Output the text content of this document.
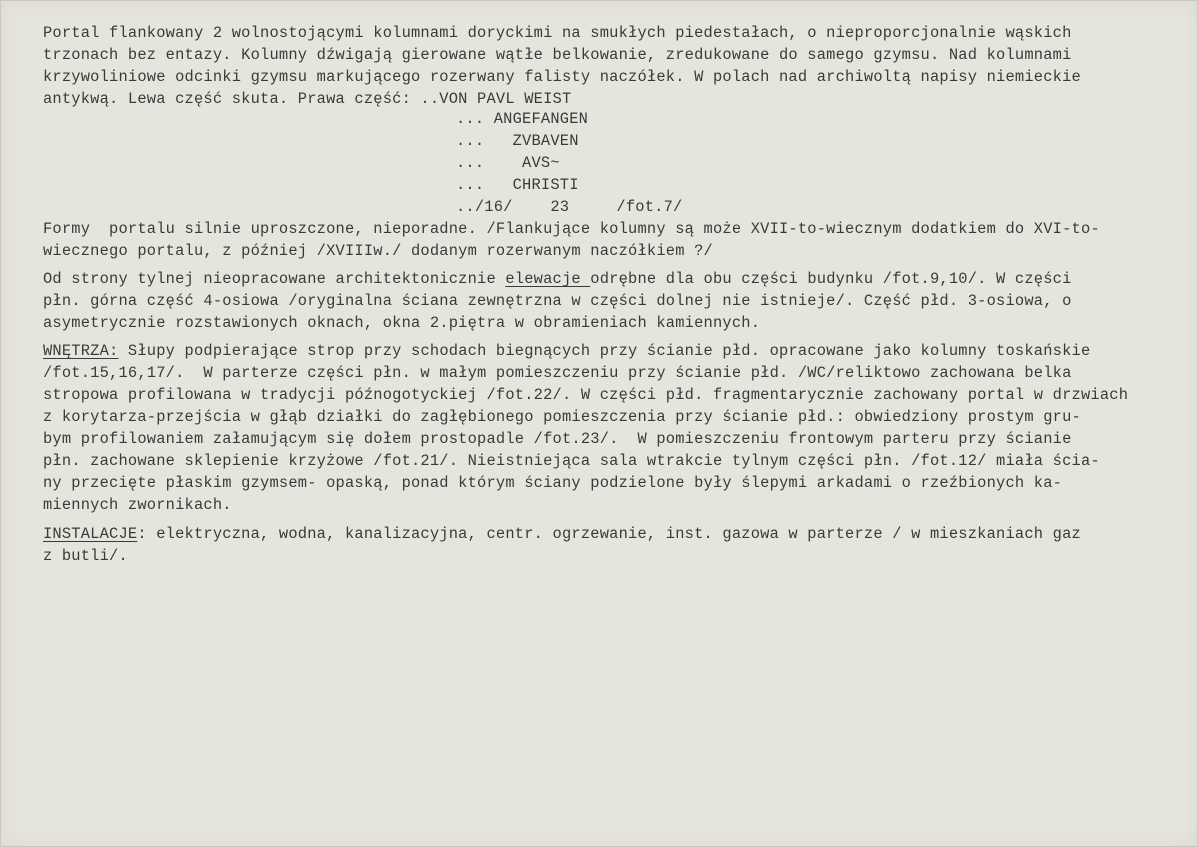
Portal flankowany 2 wolnostojącymi kolumnami doryckimi na smukłych piedestałach, o nieproporcjonalnie wąskich
trzonach bez entazy. Kolumny dźwigają gierowane wątłe belkowanie, zredukowane do samego gzymsu. Nad kolumnami
krzywoliniowe odcinki gzymsu markującego rozerwany falisty naczółek. W polach nad archiwoltą napisy niemieckie
antykwą. Lewa część skuta. Prawa część: ..VON PAVL WEIST
... ANGEFANGEN
...   ZVBAVEN
...    AVS~
...   CHRISTI
../16/    23     /fot.7/
Formy  portalu silnie uproszczone, nieporadne. /Flankujące kolumny są może XVII-to-wiecznym dodatkiem do XVI-to-
wiecznego portalu, z później /XVIIIw./ dodanym rozerwanym naczółkiem ?/
Od strony tylnej nieopracowane architektonicznie elewacje odrębne dla obu części budynku /fot.9,10/. W części
płn. górna część 4-osiowa /oryginalna ściana zewnętrzna w części dolnej nie istnieje/. Część płd. 3-osiowa, o
asymetrycznie rozstawionych oknach, okna 2.piętra w obramieniach kamiennych.
WNĘTRZA: Słupy podpierające strop przy schodach biegnących przy ścianie płd. opracowane jako kolumny toskańskie
/fot.15,16,17/.  W parterze części płn. w małym pomieszczeniu przy ścianie płd. /WC/reliktowo zachowana belka
stropowa profilowana w tradycji późnogotyckiej /fot.22/. W części płd. fragmentarycznie zachowany portal w drzwiach
z korytarza-przejścia w głąb działki do zagłębionego pomieszczenia przy ścianie płd.: obwiedziony prostym gru-
bym profilowaniem załamującym się dołem prostopadle /fot.23/.  W pomieszczeniu frontowym parteru przy ścianie
płn. zachowane sklepienie krzyżowe /fot.21/. Nieistniejąca sala wtrakcie tylnym części płn. /fot.12/ miała ścia-
ny przecięte płaskim gzymsem- opaską, ponad którym ściany podzielone były ślepymi arkadami o rzeźbionych ka-
miennych zwornikach.
INSTALACJE: elektryczna, wodna, kanalizacyjna, centr. ogrzewanie, inst. gazowa w parterze / w mieszkaniach gaz
z butli/.
